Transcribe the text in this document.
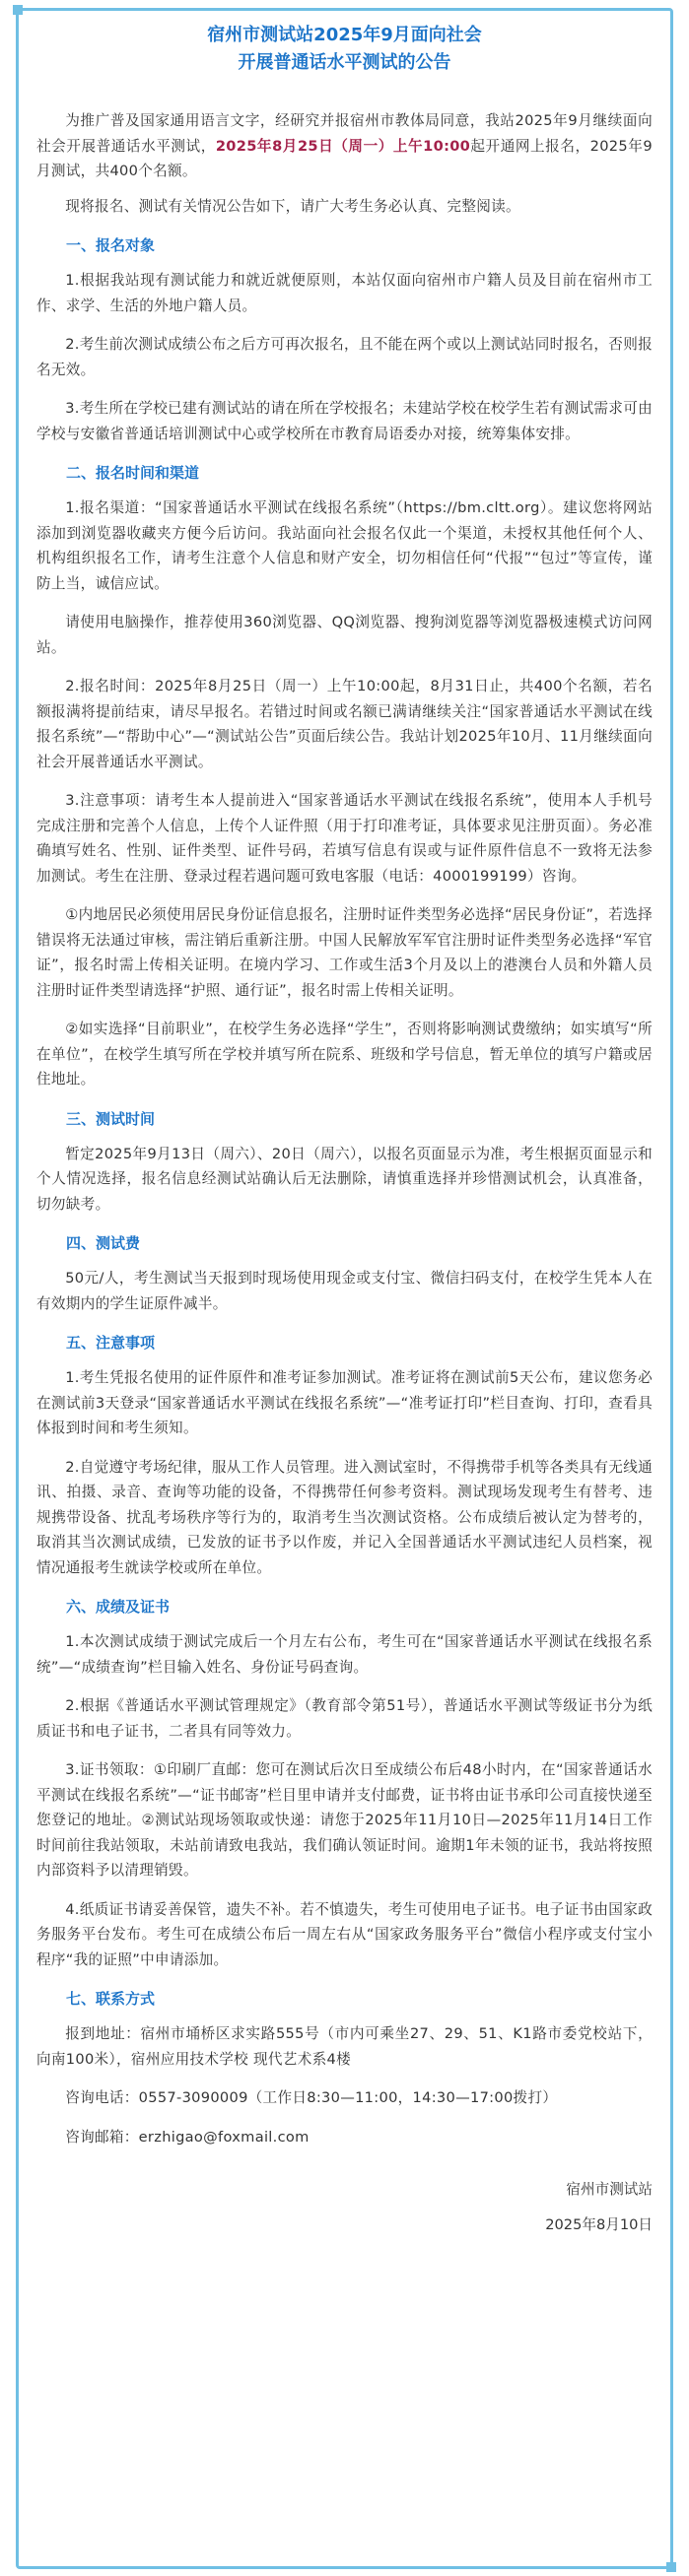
宿州市测试站2025年9月面向社会

开展普通话水平测试的公告

为推广普及国家通用语言文字，经研究并报宿州市教体局同意，我站2025年9月继续面向社会开展普通话水平测试，2025年8月25日（周一）上午10:00起开通网上报名，2025年9月测试，共400个名额。

现将报名、测试有关情况公告如下，请广大考生务必认真、完整阅读。

一、报名对象

1.根据我站现有测试能力和就近就便原则，本站仅面向宿州市户籍人员及目前在宿州市工作、求学、生活的外地户籍人员。

2.考生前次测试成绩公布之后方可再次报名，且不能在两个或以上测试站同时报名，否则报名无效。

3.考生所在学校已建有测试站的请在所在学校报名；未建站学校在校学生若有测试需求可由学校与安徽省普通话培训测试中心或学校所在市教育局语委办对接，统筹集体安排。

二、报名时间和渠道

1.报名渠道：“国家普通话水平测试在线报名系统”（https://bm.cltt.org）。建议您将网站添加到浏览器收藏夹方便今后访问。我站面向社会报名仅此一个渠道，未授权其他任何个人、机构组织报名工作，请考生注意个人信息和财产安全，切勿相信任何“代报”“包过”等宣传，谨防上当，诚信应试。

请使用电脑操作，推荐使用360浏览器、QQ浏览器、搜狗浏览器等浏览器极速模式访问网站。

2.报名时间：2025年8月25日（周一）上午10:00起，8月31日止，共400个名额，若名额报满将提前结束，请尽早报名。若错过时间或名额已满请继续关注“国家普通话水平测试在线报名系统”—“帮助中心”—“测试站公告”页面后续公告。我站计划2025年10月、11月继续面向社会开展普通话水平测试。

3.注意事项：请考生本人提前进入“国家普通话水平测试在线报名系统”，使用本人手机号完成注册和完善个人信息，上传个人证件照（用于打印准考证，具体要求见注册页面）。务必准确填写姓名、性别、证件类型、证件号码，若填写信息有误或与证件原件信息不一致将无法参加测试。考生在注册、登录过程若遇问题可致电客服（电话：4000199199）咨询。

①内地居民必须使用居民身份证信息报名，注册时证件类型务必选择“居民身份证”，若选择错误将无法通过审核，需注销后重新注册。中国人民解放军军官注册时证件类型务必选择“军官证”，报名时需上传相关证明。在境内学习、工作或生活3个月及以上的港澳台人员和外籍人员注册时证件类型请选择“护照、通行证”，报名时需上传相关证明。

②如实选择“目前职业”，在校学生务必选择“学生”，否则将影响测试费缴纳；如实填写“所在单位”，在校学生填写所在学校并填写所在院系、班级和学号信息，暂无单位的填写户籍或居住地址。

三、测试时间

暂定2025年9月13日（周六）、20日（周六），以报名页面显示为准，考生根据页面显示和个人情况选择，报名信息经测试站确认后无法删除，请慎重选择并珍惜测试机会，认真准备，切勿缺考。

四、测试费

50元/人，考生测试当天报到时现场使用现金或支付宝、微信扫码支付，在校学生凭本人在有效期内的学生证原件减半。

五、注意事项

1.考生凭报名使用的证件原件和准考证参加测试。准考证将在测试前5天公布，建议您务必在测试前3天登录“国家普通话水平测试在线报名系统”—“准考证打印”栏目查询、打印，查看具体报到时间和考生须知。

2.自觉遵守考场纪律，服从工作人员管理。进入测试室时，不得携带手机等各类具有无线通讯、拍摄、录音、查询等功能的设备，不得携带任何参考资料。测试现场发现考生有替考、违规携带设备、扰乱考场秩序等行为的，取消考生当次测试资格。公布成绩后被认定为替考的，取消其当次测试成绩，已发放的证书予以作废，并记入全国普通话水平测试违纪人员档案，视情况通报考生就读学校或所在单位。

六、成绩及证书

1.本次测试成绩于测试完成后一个月左右公布，考生可在“国家普通话水平测试在线报名系统”—“成绩查询”栏目输入姓名、身份证号码查询。

2.根据《普通话水平测试管理规定》（教育部令第51号），普通话水平测试等级证书分为纸质证书和电子证书，二者具有同等效力。

3.证书领取：①印刷厂直邮：您可在测试后次日至成绩公布后48小时内，在“国家普通话水平测试在线报名系统”—“证书邮寄”栏目里申请并支付邮费，证书将由证书承印公司直接快递至您登记的地址。②测试站现场领取或快递：请您于2025年11月10日—2025年11月14日工作时间前往我站领取，未站前请致电我站，我们确认领证时间。逾期1年未领的证书，我站将按照内部资料予以清理销毁。

4.纸质证书请妥善保管，遗失不补。若不慎遗失，考生可使用电子证书。电子证书由国家政务服务平台发布。考生可在成绩公布后一周左右从“国家政务服务平台”微信小程序或支付宝小程序“我的证照”中申请添加。

七、联系方式

报到地址：宿州市埇桥区求实路555号（市内可乘坐27、29、51、K1路市委党校站下，向南100米），宿州应用技术学校 现代艺术系4楼

咨询电话：0557-3090009（工作日8:30—11:00，14:30—17:00拨打）

咨询邮箱：erzhigao@foxmail.com

宿州市测试站

2025年8月10日
